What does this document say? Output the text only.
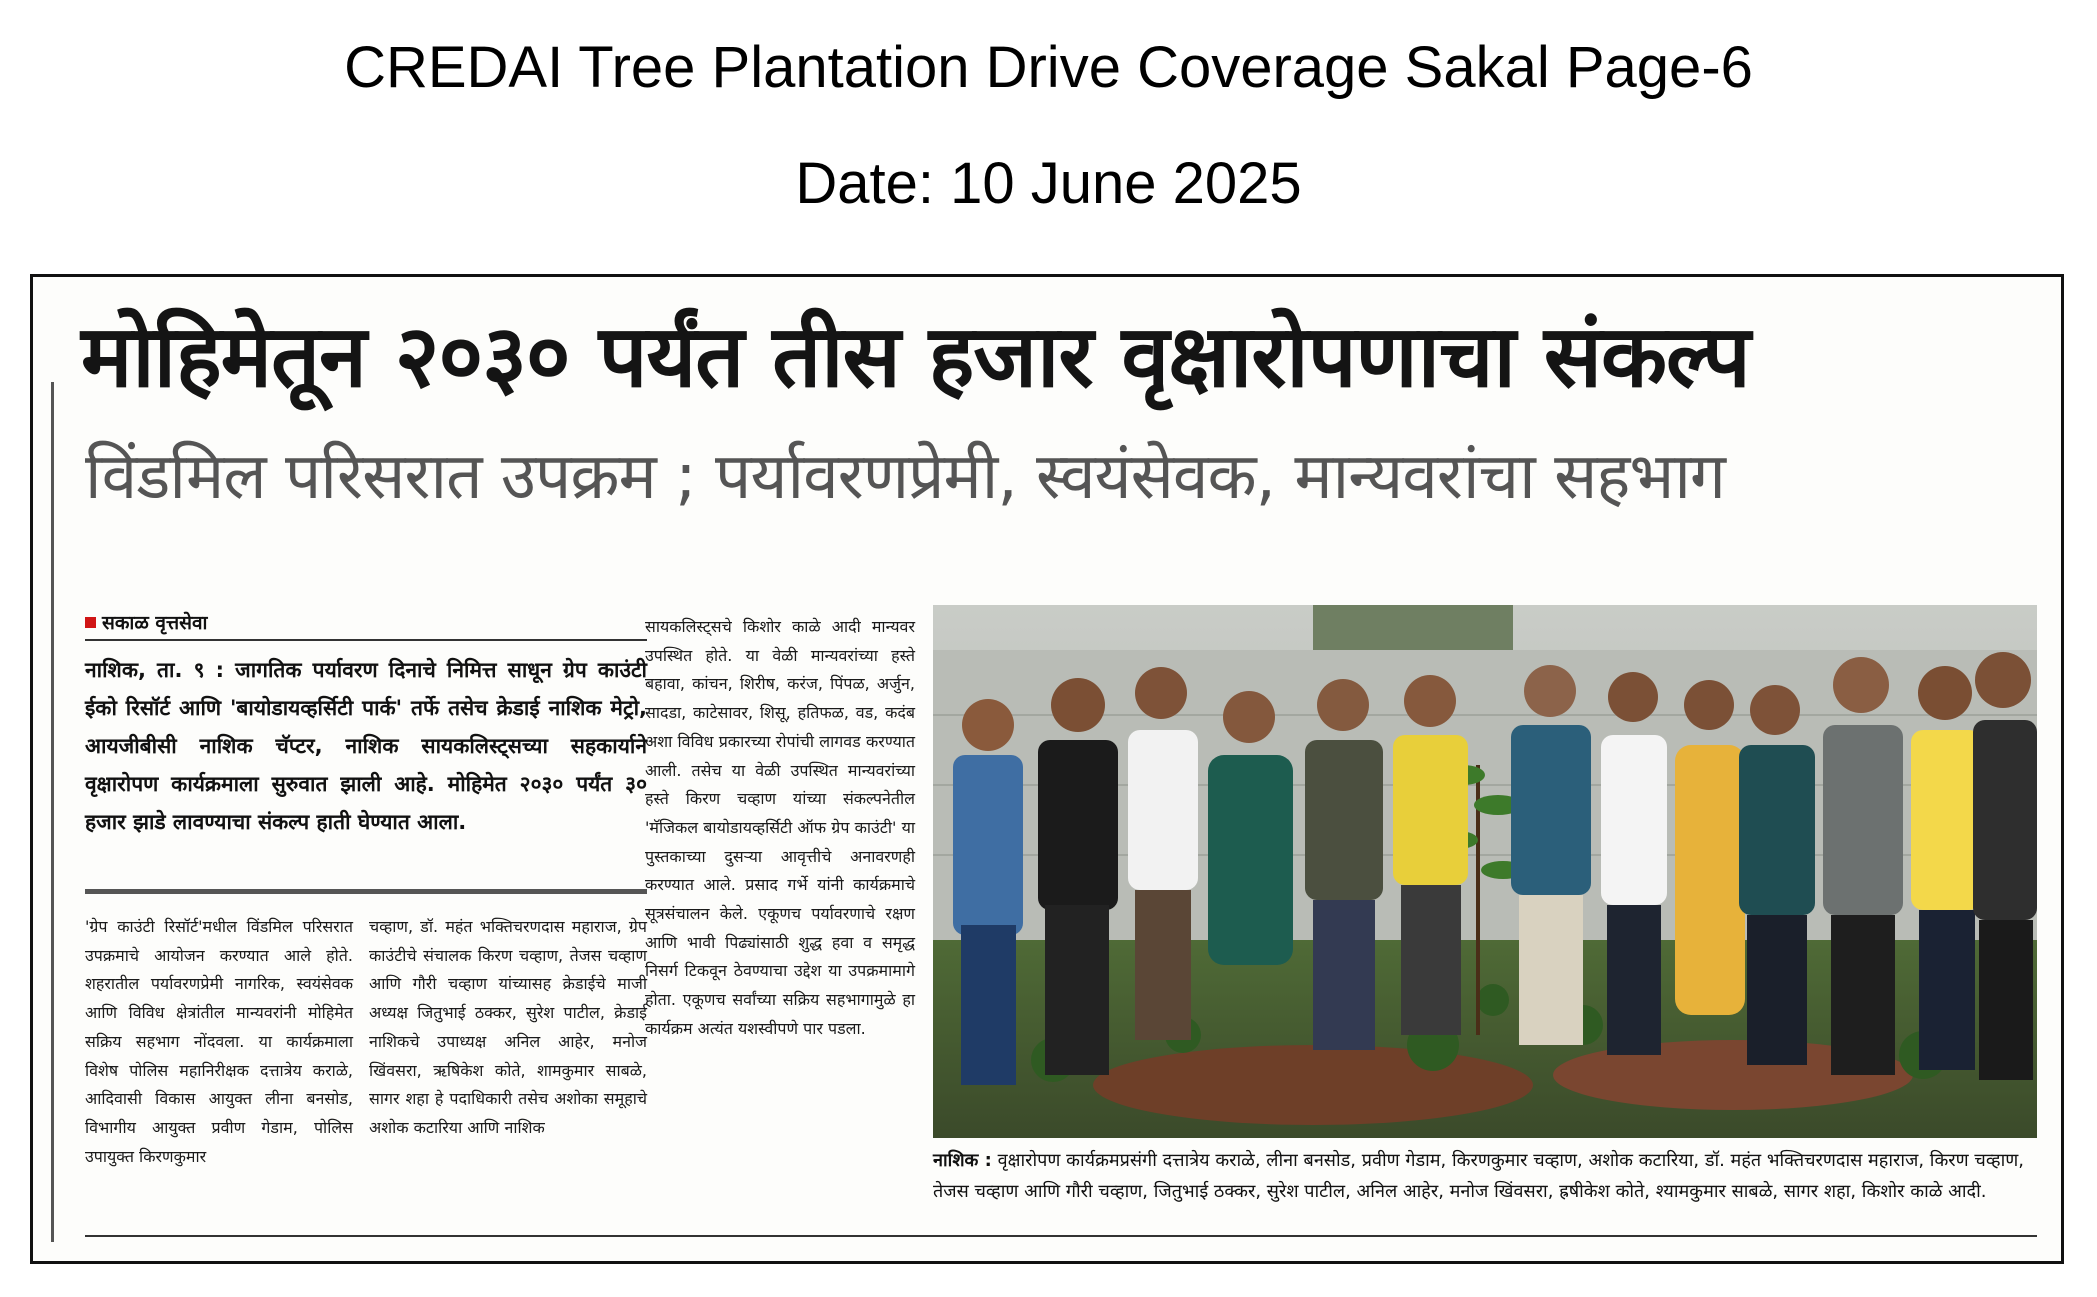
CREDAI Tree Plantation Drive Coverage Sakal Page-6
Date: 10 June 2025
मोहिमेतून २०३० पर्यंत तीस हजार वृक्षारोपणाचा संकल्प
विंडमिल परिसरात उपक्रम ; पर्यावरणप्रेमी, स्वयंसेवक, मान्यवरांचा सहभाग
सकाळ वृत्तसेवा
नाशिक, ता. ९ : जागतिक पर्यावरण दिनाचे निमित्त साधून ग्रेप काउंटी ईको रिसॉर्ट आणि 'बायोडायव्हर्सिटी पार्क' तर्फे तसेच क्रेडाई नाशिक मेट्रो, आयजीबीसी नाशिक चॅप्टर, नाशिक सायकलिस्ट्सच्या सहकार्याने वृक्षारोपण कार्यक्रमाला सुरुवात झाली आहे. मोहिमेत २०३० पर्यंत ३० हजार झाडे लावण्याचा संकल्प हाती घेण्यात आला.
'ग्रेप काउंटी रिसॉर्ट'मधील विंडमिल परिसरात उपक्रमाचे आयोजन करण्यात आले होते. शहरातील पर्यावरणप्रेमी नागरिक, स्वयंसेवक आणि विविध क्षेत्रांतील मान्यवरांनी मोहिमेत सक्रिय सहभाग नोंदवला. या कार्यक्रमाला विशेष पोलिस महानिरीक्षक दत्तात्रेय कराळे, आदिवासी विकास आयुक्त लीना बनसोड, विभागीय आयुक्त प्रवीण गेडाम, पोलिस उपायुक्त किरणकुमार
चव्हाण, डॉ. महंत भक्तिचरणदास महाराज, ग्रेप काउंटीचे संचालक किरण चव्हाण, तेजस चव्हाण आणि गौरी चव्हाण यांच्यासह क्रेडाईचे माजी अध्यक्ष जितुभाई ठक्कर, सुरेश पाटील, क्रेडाई नाशिकचे उपाध्यक्ष अनिल आहेर, मनोज खिंवसरा, ऋषिकेश कोते, शामकुमार साबळे, सागर शहा हे पदाधिकारी तसेच अशोका समूहाचे अशोक कटारिया आणि नाशिक
सायकलिस्ट्सचे किशोर काळे आदी मान्यवर उपस्थित होते. या वेळी मान्यवरांच्या हस्ते बहावा, कांचन, शिरीष, करंज, पिंपळ, अर्जुन, सादडा, काटेसावर, शिसू, हतिफळ, वड, कदंब अशा विविध प्रकारच्या रोपांची लागवड करण्यात आली. तसेच या वेळी उपस्थित मान्यवरांच्या हस्ते किरण चव्हाण यांच्या संकल्पनेतील 'मॅजिकल बायोडायव्हर्सिटी ऑफ ग्रेप काउंटी' या पुस्तकाच्या दुसऱ्या आवृत्तीचे अनावरणही करण्यात आले. प्रसाद गर्भे यांनी कार्यक्रमाचे सूत्रसंचालन केले. एकूणच पर्यावरणाचे रक्षण आणि भावी पिढ्यांसाठी शुद्ध हवा व समृद्ध निसर्ग टिकवून ठेवण्याचा उद्देश या उपक्रमामागे होता. एकूणच सर्वांच्या सक्रिय सहभागामुळे हा कार्यक्रम अत्यंत यशस्वीपणे पार पडला.
नाशिक : वृक्षारोपण कार्यक्रमप्रसंगी दत्तात्रेय कराळे, लीना बनसोड, प्रवीण गेडाम, किरणकुमार चव्हाण, अशोक कटारिया, डॉ. महंत भक्तिचरणदास महाराज, किरण चव्हाण, तेजस चव्हाण आणि गौरी चव्हाण, जितुभाई ठक्कर, सुरेश पाटील, अनिल आहेर, मनोज खिंवसरा, ह्रषीकेश कोते, श्यामकुमार साबळे, सागर शहा, किशोर काळे आदी.
